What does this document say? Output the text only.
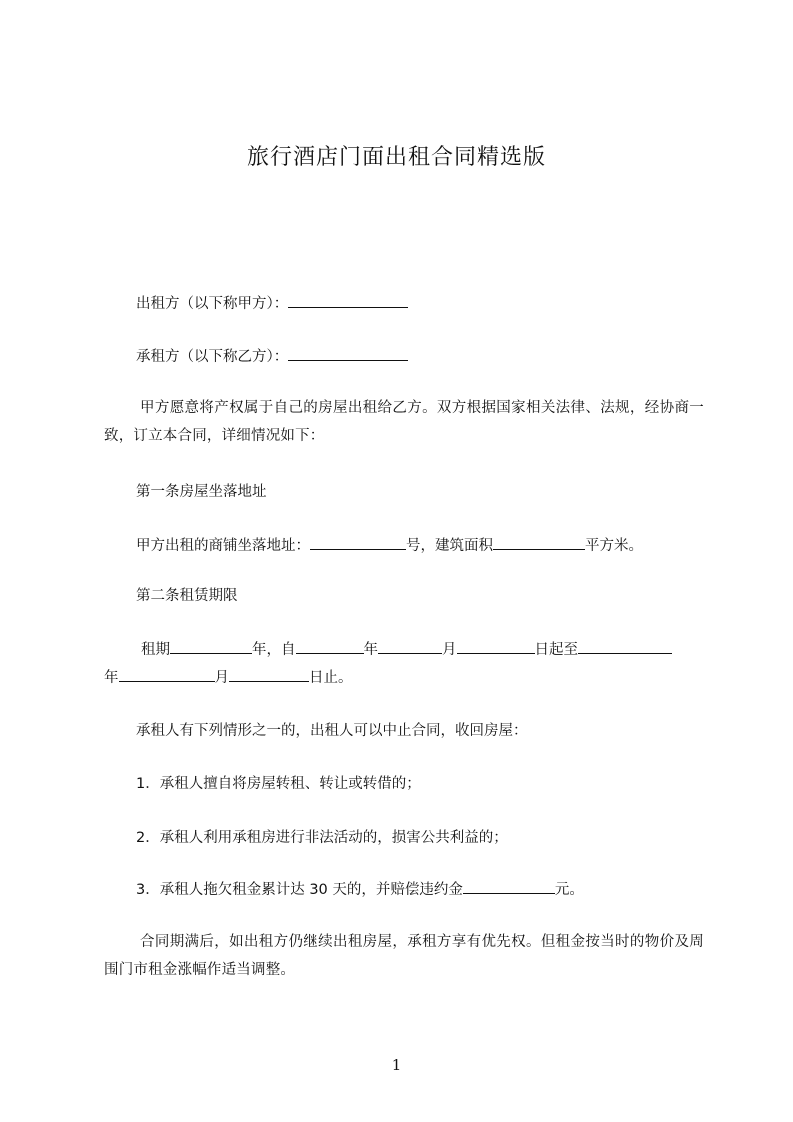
旅行酒店门面出租合同精选版
出租方（以下称甲方）：
承租方（以下称乙方）：
甲方愿意将产权属于自己的房屋出租给乙方。双方根据国家相关法律、法规，经协商一致，订立本合同，详细情况如下：
第一条房屋坐落地址
甲方出租的商铺坐落地址：	号，建筑面积	平方米。
第二条租赁期限
租期	年，自	年	月	日起至
年	月	日止。
承租人有下列情形之一的，出租人可以中止合同，收回房屋：
1．承租人擅自将房屋转租、转让或转借的；
2．承租人利用承租房进行非法活动的，损害公共利益的；
3．承租人拖欠租金累计达 30 天的，并赔偿违约金	元。
合同期满后，如出租方仍继续出租房屋，承租方享有优先权。但租金按当时的物价及周围门市租金涨幅作适当调整。
1
